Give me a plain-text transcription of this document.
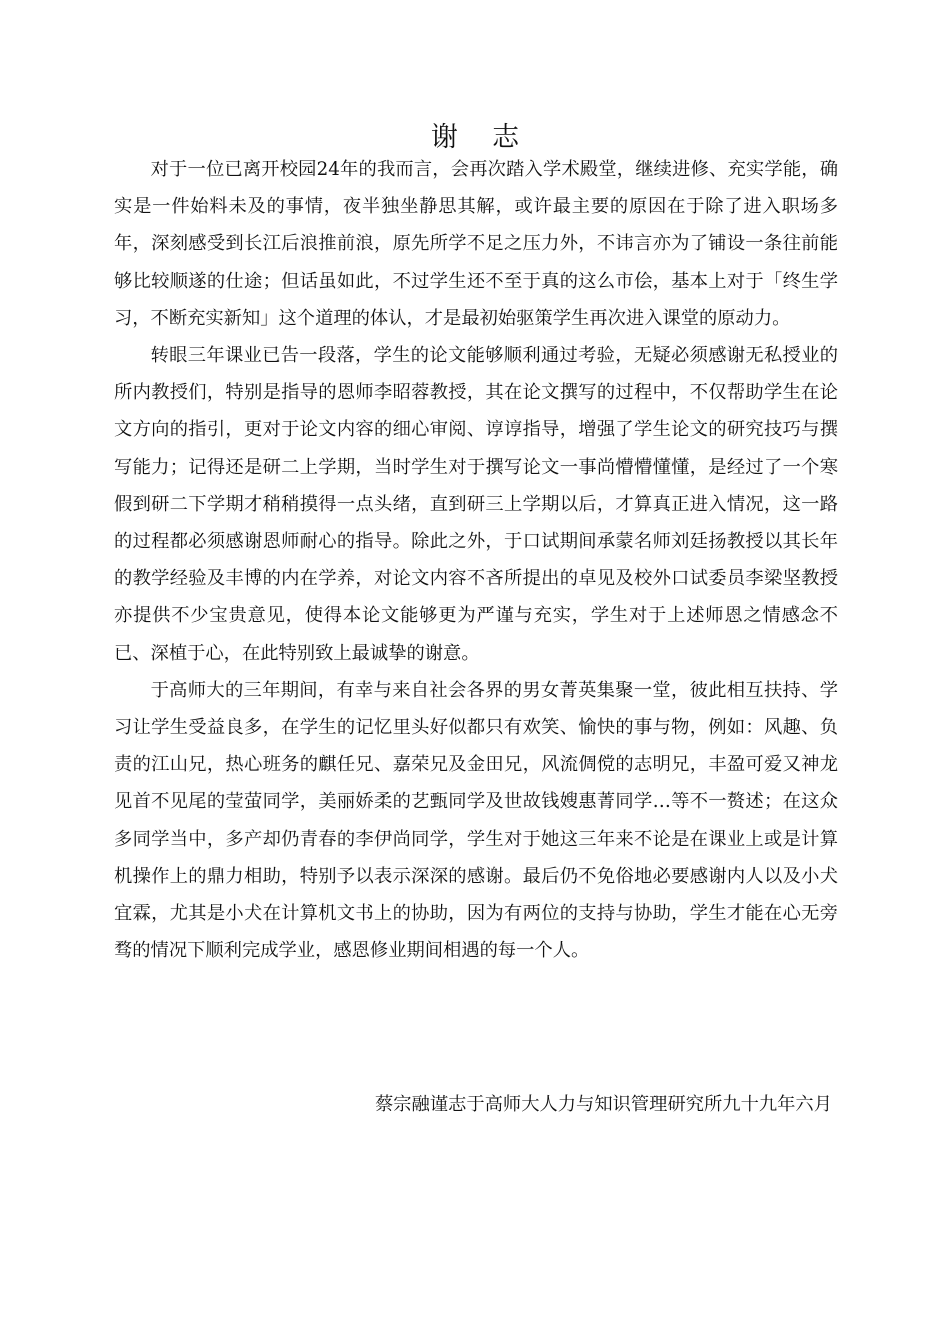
谢    志

对于一位已离开校园24年的我而言，会再次踏入学术殿堂，继续进修、充实学能，确实是一件始料未及的事情，夜半独坐静思其解，或许最主要的原因在于除了进入职场多年，深刻感受到长江后浪推前浪，原先所学不足之压力外，不讳言亦为了铺设一条往前能够比较顺遂的仕途；但话虽如此，不过学生还不至于真的这么市侩，基本上对于「终生学习，不断充实新知」这个道理的体认，才是最初始驱策学生再次进入课堂的原动力。

转眼三年课业已告一段落，学生的论文能够顺利通过考验，无疑必须感谢无私授业的所内教授们，特别是指导的恩师李昭蓉教授，其在论文撰写的过程中，不仅帮助学生在论文方向的指引，更对于论文内容的细心审阅、谆谆指导，增强了学生论文的研究技巧与撰写能力；记得还是研二上学期，当时学生对于撰写论文一事尚懵懵懂懂，是经过了一个寒假到研二下学期才稍稍摸得一点头绪，直到研三上学期以后，才算真正进入情况，这一路的过程都必须感谢恩师耐心的指导。除此之外，于口试期间承蒙名师刘廷扬教授以其长年的教学经验及丰博的内在学养，对论文内容不吝所提出的卓见及校外口试委员李梁坚教授亦提供不少宝贵意见，使得本论文能够更为严谨与充实，学生对于上述师恩之情感念不已、深植于心，在此特别致上最诚挚的谢意。

于高师大的三年期间，有幸与来自社会各界的男女菁英集聚一堂，彼此相互扶持、学习让学生受益良多，在学生的记忆里头好似都只有欢笑、愉快的事与物，例如：风趣、负责的江山兄，热心班务的麒任兄、嘉荣兄及金田兄，风流倜傥的志明兄，丰盈可爱又神龙见首不见尾的莹萤同学，美丽娇柔的艺甄同学及世故钱嫂惠菁同学…等不一赘述；在这众多同学当中，多产却仍青春的李伊尚同学，学生对于她这三年来不论是在课业上或是计算机操作上的鼎力相助，特别予以表示深深的感谢。最后仍不免俗地必要感谢内人以及小犬宜霖，尤其是小犬在计算机文书上的协助，因为有两位的支持与协助，学生才能在心无旁骛的情况下顺利完成学业，感恩修业期间相遇的每一个人。

蔡宗融谨志于高师大人力与知识管理研究所九十九年六月
